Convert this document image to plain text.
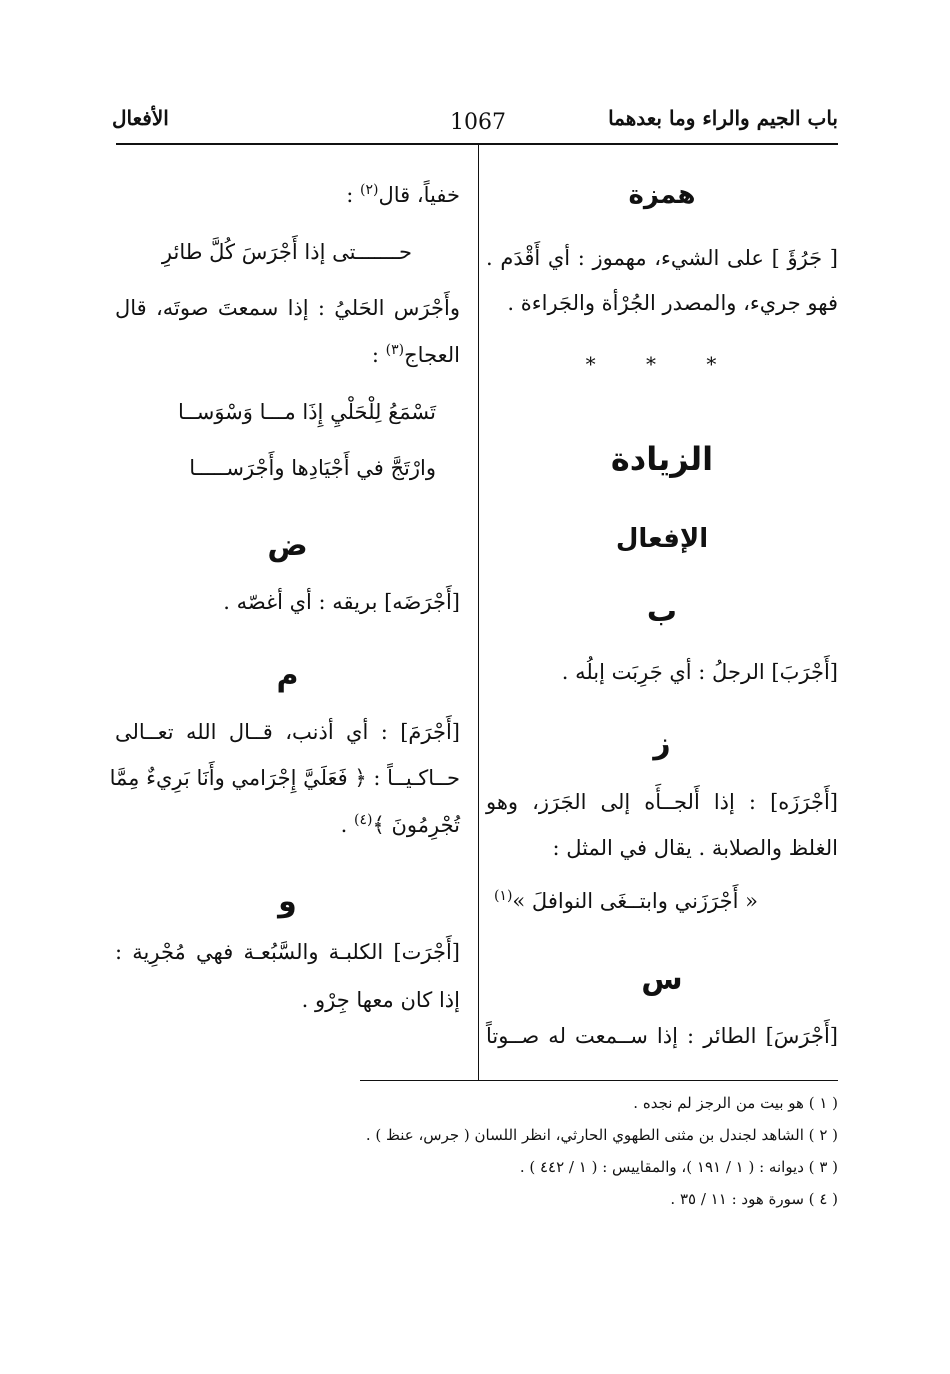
باب الجيم والراء وما بعدهما
1067
الأفعال
همزة
[ جَرُؤَ ] على الشيء، مهموز : أي أَقْدَم .
فهو جريء، والمصدر الجُرْأة والجَراءة .
* * *
الزيادة
الإفعال
ب
[أَجْرَبَ] الرجلُ : أي جَرِبَت إبلُه .
ز
[أَجْرَزَه] : إذا أَلجــأَه إلى الجَرَز، وهو
الغلظ والصلابة . يقال في المثل :
« أَجْرَزَني وابتــغَى النوافلَ »$^{(١)}$
س
[أَجْرَسَ] الطائر : إذا ســمعت له صــوتاً
خفياً، قال$^{(٢)}$ :
حـــــــتى إذا أَجْرَسَ كُلَّ طائرِ
وأَجْرَس الحَليُ : إذا سمعتَ صوتَه، قال
العجاج$^{(٣)}$ :
تَسْمَعُ لِلْحَلْيِ إِذَا مـــا وَسْوَســا
وارْتَجَّ في أَجْيَادِها وأَجْرَســـــا
ض
[أَجْرَضَه] بريقه : أي أغصّه .
م
[أَجْرَمَ] : أي أذنب، قــال الله تعــالى
حــاكـيــاً : ﴿ فَعَلَيَّ إِجْرَامي وأَنَا بَرِيءٌ مِمَّا
تُجْرِمُونَ ﴾$^{(٤)}$ .
و
[أَجْرَت] الكلبـة والسَّبُعـة فهي مُجْرِية :
إذا كان معها جِرْو .
( ١ ) هو بيت من الرجز لم نجده .
( ٢ ) الشاهد لجندل بن مثنى الطهوي الحارثي، انظر اللسان ( جرس، عنظ ) .
( ٣ ) ديوانه : ( ١ / ١٩١ )، والمقاييس : ( ١ / ٤٤٢ ) .
( ٤ ) سورة هود : ١١ / ٣٥ .
